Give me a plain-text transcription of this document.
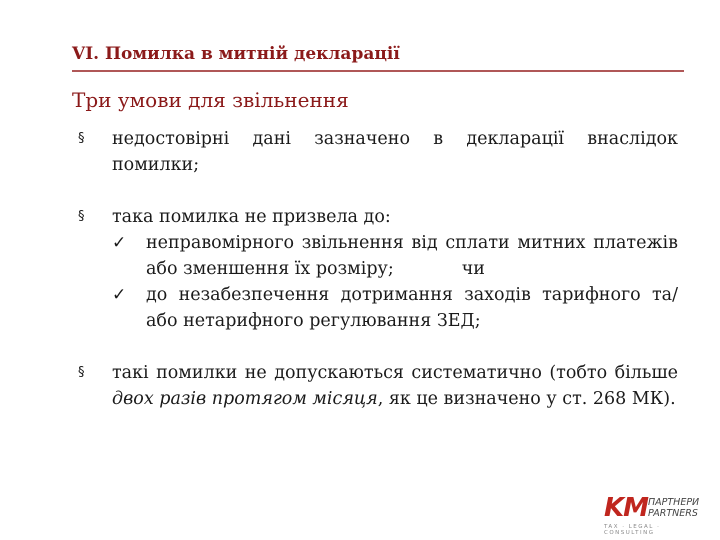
VI. Помилка в митній декларації
Три умови для звільнення
§ недостовірні дані зазначено в декларації внаслідок помилки;
§ така помилка не призвела до:
✓ неправомірного звільнення від сплати митних платежів або зменшення їх розміру;	чи
✓ до незабезпечення дотримання заходів тарифного та/або нетарифного регулювання ЗЕД;
§ такі помилки не допускаються систематично (тобто більше двох разів протягом місяця, як це визначено у ст. 268 МК).
KM ПАРТНЕРИ
PARTNERS
TAX · LEGAL · CONSULTING
